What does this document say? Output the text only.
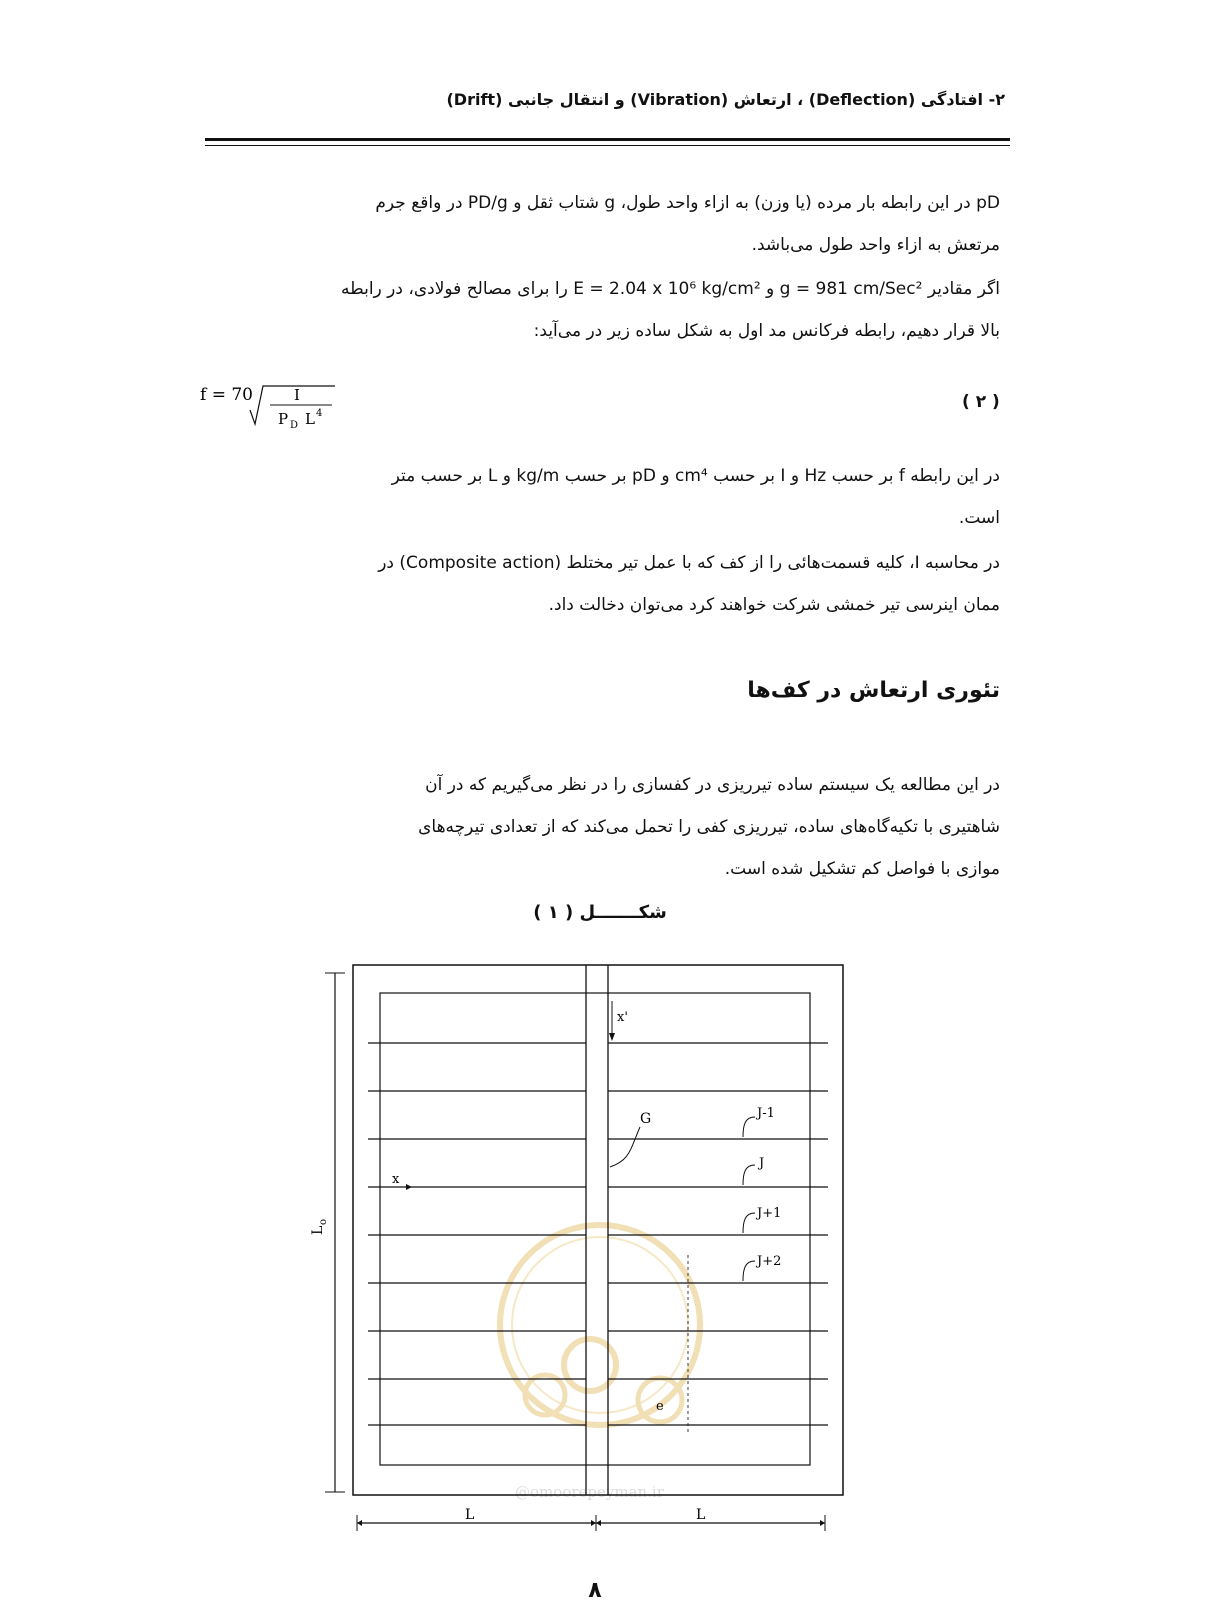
۲- افتادگی (Deflection) ، ارتعاش (Vibration) و انتقال جانبی (Drift)
pD در این رابطه بار مرده (یا وزن) به ازاء واحد طول، g شتاب ثقل و PD/g در واقع جرم
مرتعش به ازاء واحد طول می‌باشد.
اگر مقادیر g = 981 cm/Sec² و E = 2.04 x 10⁶ kg/cm² را برای مصالح فولادی، در رابطه
بالا قرار دهیم، رابطه فرکانس مد اول به شکل ساده زیر در می‌آید:
f = 70	I
P D L 4
( ۲ )
در این رابطه f بر حسب Hz و I بر حسب cm⁴ و pD بر حسب kg/m و L بر حسب متر
است.
در محاسبه I، کلیه قسمت‌هائی را از کف که با عمل تیر مختلط (Composite action) در
ممان اینرسی تیر خمشی شرکت خواهند کرد می‌توان دخالت داد.
تئوری ارتعاش در کف‌ها
در این مطالعه یک سیستم ساده تیرریزی در کفسازی را در نظر می‌گیریم که در آن
شاهتیری با تکیه‌گاه‌های ساده، تیرریزی کفی را تحمل می‌کند که از تعدادی تیرچه‌های
موازی با فواصل کم تشکیل شده است.
شکـــــــل ( ۱ )
@omoorepeyman.ir
x'
G	J-1
J
J+1
J+2
x
e
L
o
L	L
۸
